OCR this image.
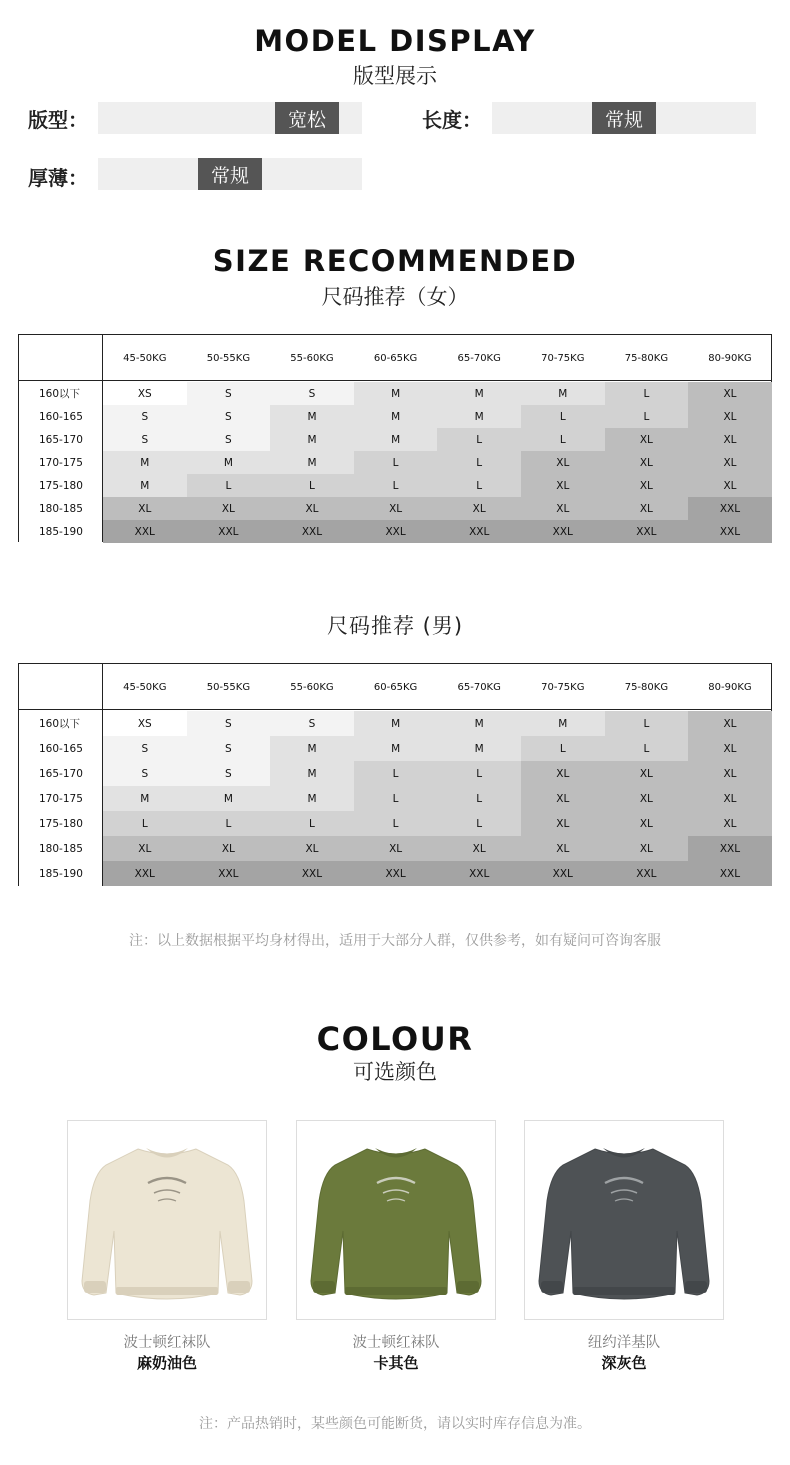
MODEL DISPLAY
版型展示
版型：	宽松	长度：	常规
厚薄：	常规
SIZE RECOMMENDED
尺码推荐（女）
45-50KG	50-55KG	55-60KG	60-65KG	65-70KG	70-75KG	75-80KG	80-90KG
160以下	XS	S	S	M	M	M	L	XL
160-165	S	S	M	M	M	L	L	XL
165-170	S	S	M	M	L	L	XL	XL
170-175	M	M	M	L	L	XL	XL	XL
175-180	M	L	L	L	L	XL	XL	XL
180-185	XL	XL	XL	XL	XL	XL	XL	XXL
185-190	XXL	XXL	XXL	XXL	XXL	XXL	XXL	XXL
尺码推荐 (男)
45-50KG	50-55KG	55-60KG	60-65KG	65-70KG	70-75KG	75-80KG	80-90KG
160以下	XS	S	S	M	M	M	L	XL
160-165	S	S	M	M	M	L	L	XL
165-170	S	S	M	L	L	XL	XL	XL
170-175	M	M	M	L	L	XL	XL	XL
175-180	L	L	L	L	L	XL	XL	XL
180-185	XL	XL	XL	XL	XL	XL	XL	XXL
185-190	XXL	XXL	XXL	XXL	XXL	XXL	XXL	XXL
注：以上数据根据平均身材得出，适用于大部分人群，仅供参考，如有疑问可咨询客服
COLOUR
可选颜色
波士顿红袜队
麻奶油色
波士顿红袜队
卡其色
纽约洋基队
深灰色
注：产品热销时，某些颜色可能断货，请以实时库存信息为准。
